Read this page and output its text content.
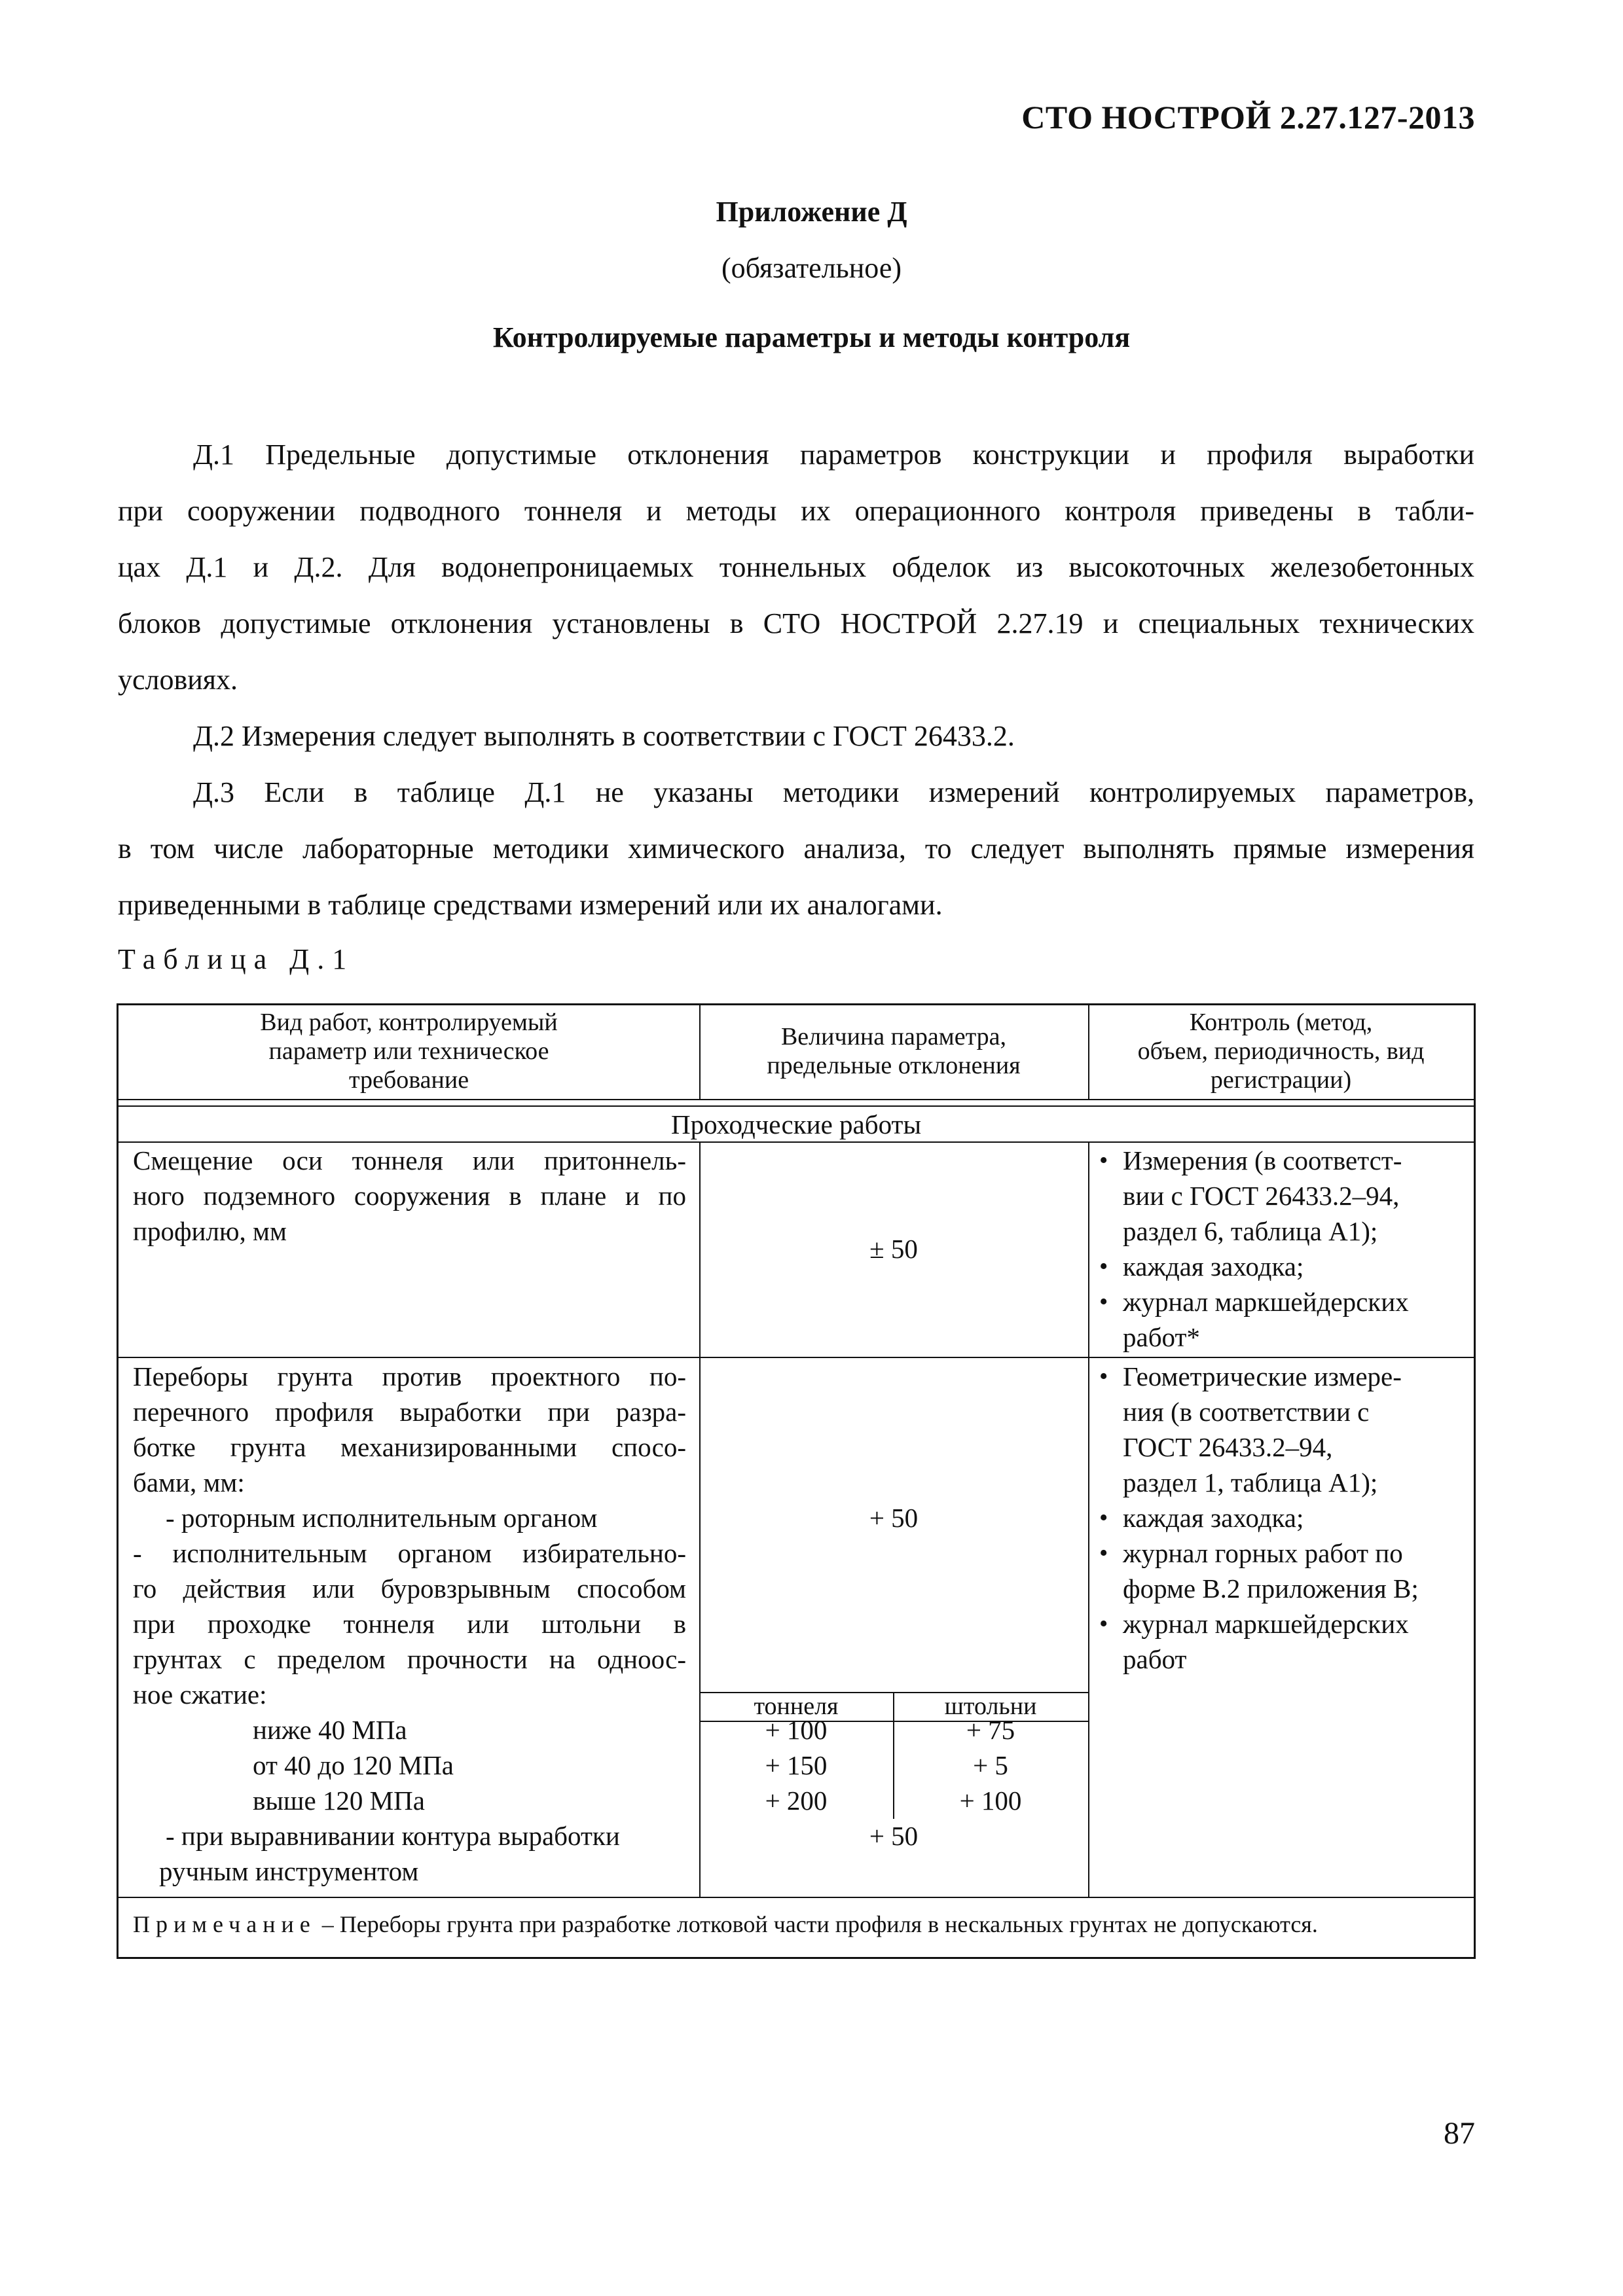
СТО НОСТРОЙ 2.27.127-2013
Приложение Д
(обязательное)
Контролируемые параметры и методы контроля
Д.1 Предельные допустимые отклонения параметров конструкции и профиля выработки
при сооружении подводного тоннеля и методы их операционного контроля приведены в табли-
цах Д.1 и Д.2. Для водонепроницаемых тоннельных обделок из высокоточных железобетонных
блоков допустимые отклонения установлены в СТО НОСТРОЙ 2.27.19 и специальных технических
условиях.
Д.2 Измерения следует выполнять в соответствии с ГОСТ 26433.2.
Д.3 Если в таблице Д.1 не указаны методики измерений контролируемых параметров,
в том числе лабораторные методики химического анализа, то следует выполнять прямые измерения
приведенными в таблице средствами измерений или их аналогами.
Таблица Д.1
Вид работ, контролируемый
параметр или техническое
требование
Величина параметра,
предельные отклонения
Контроль (метод,
объем, периодичность, вид
регистрации)
Проходческие работы
Смещение оси тоннеля или притоннель-
ного подземного сооружения в плане и по
профилю, мм
± 50
• Измерения (в соответст-
вии с ГОСТ 26433.2–94,
раздел 6, таблица А1);
• каждая заходка;
• журнал маркшейдерских
работ*
Переборы грунта против проектного по-
перечного профиля выработки при разра-
ботке грунта механизированными спосо-
бами, мм:
- роторным исполнительным органом
- исполнительным органом избирательно-
го действия или буровзрывным способом
при проходке тоннеля или штольни в
грунтах с пределом прочности на одноос-
ное сжатие:
ниже 40 МПа
от 40 до 120 МПа
выше 120 МПа
- при выравнивании контура выработки
ручным инструментом
+ 50
тоннеля	штольни
+ 100
+ 150
+ 200
+ 75
+ 5
+ 100
+ 50
• Геометрические измере-
ния (в соответствии с
ГОСТ 26433.2–94,
раздел 1, таблица А1);
• каждая заходка;
• журнал горных работ по
форме В.2 приложения В;
• журнал маркшейдерских
работ
Примечание – Переборы грунта при разработке лотковой части профиля в нескальных грунтах не допускаются.
87
